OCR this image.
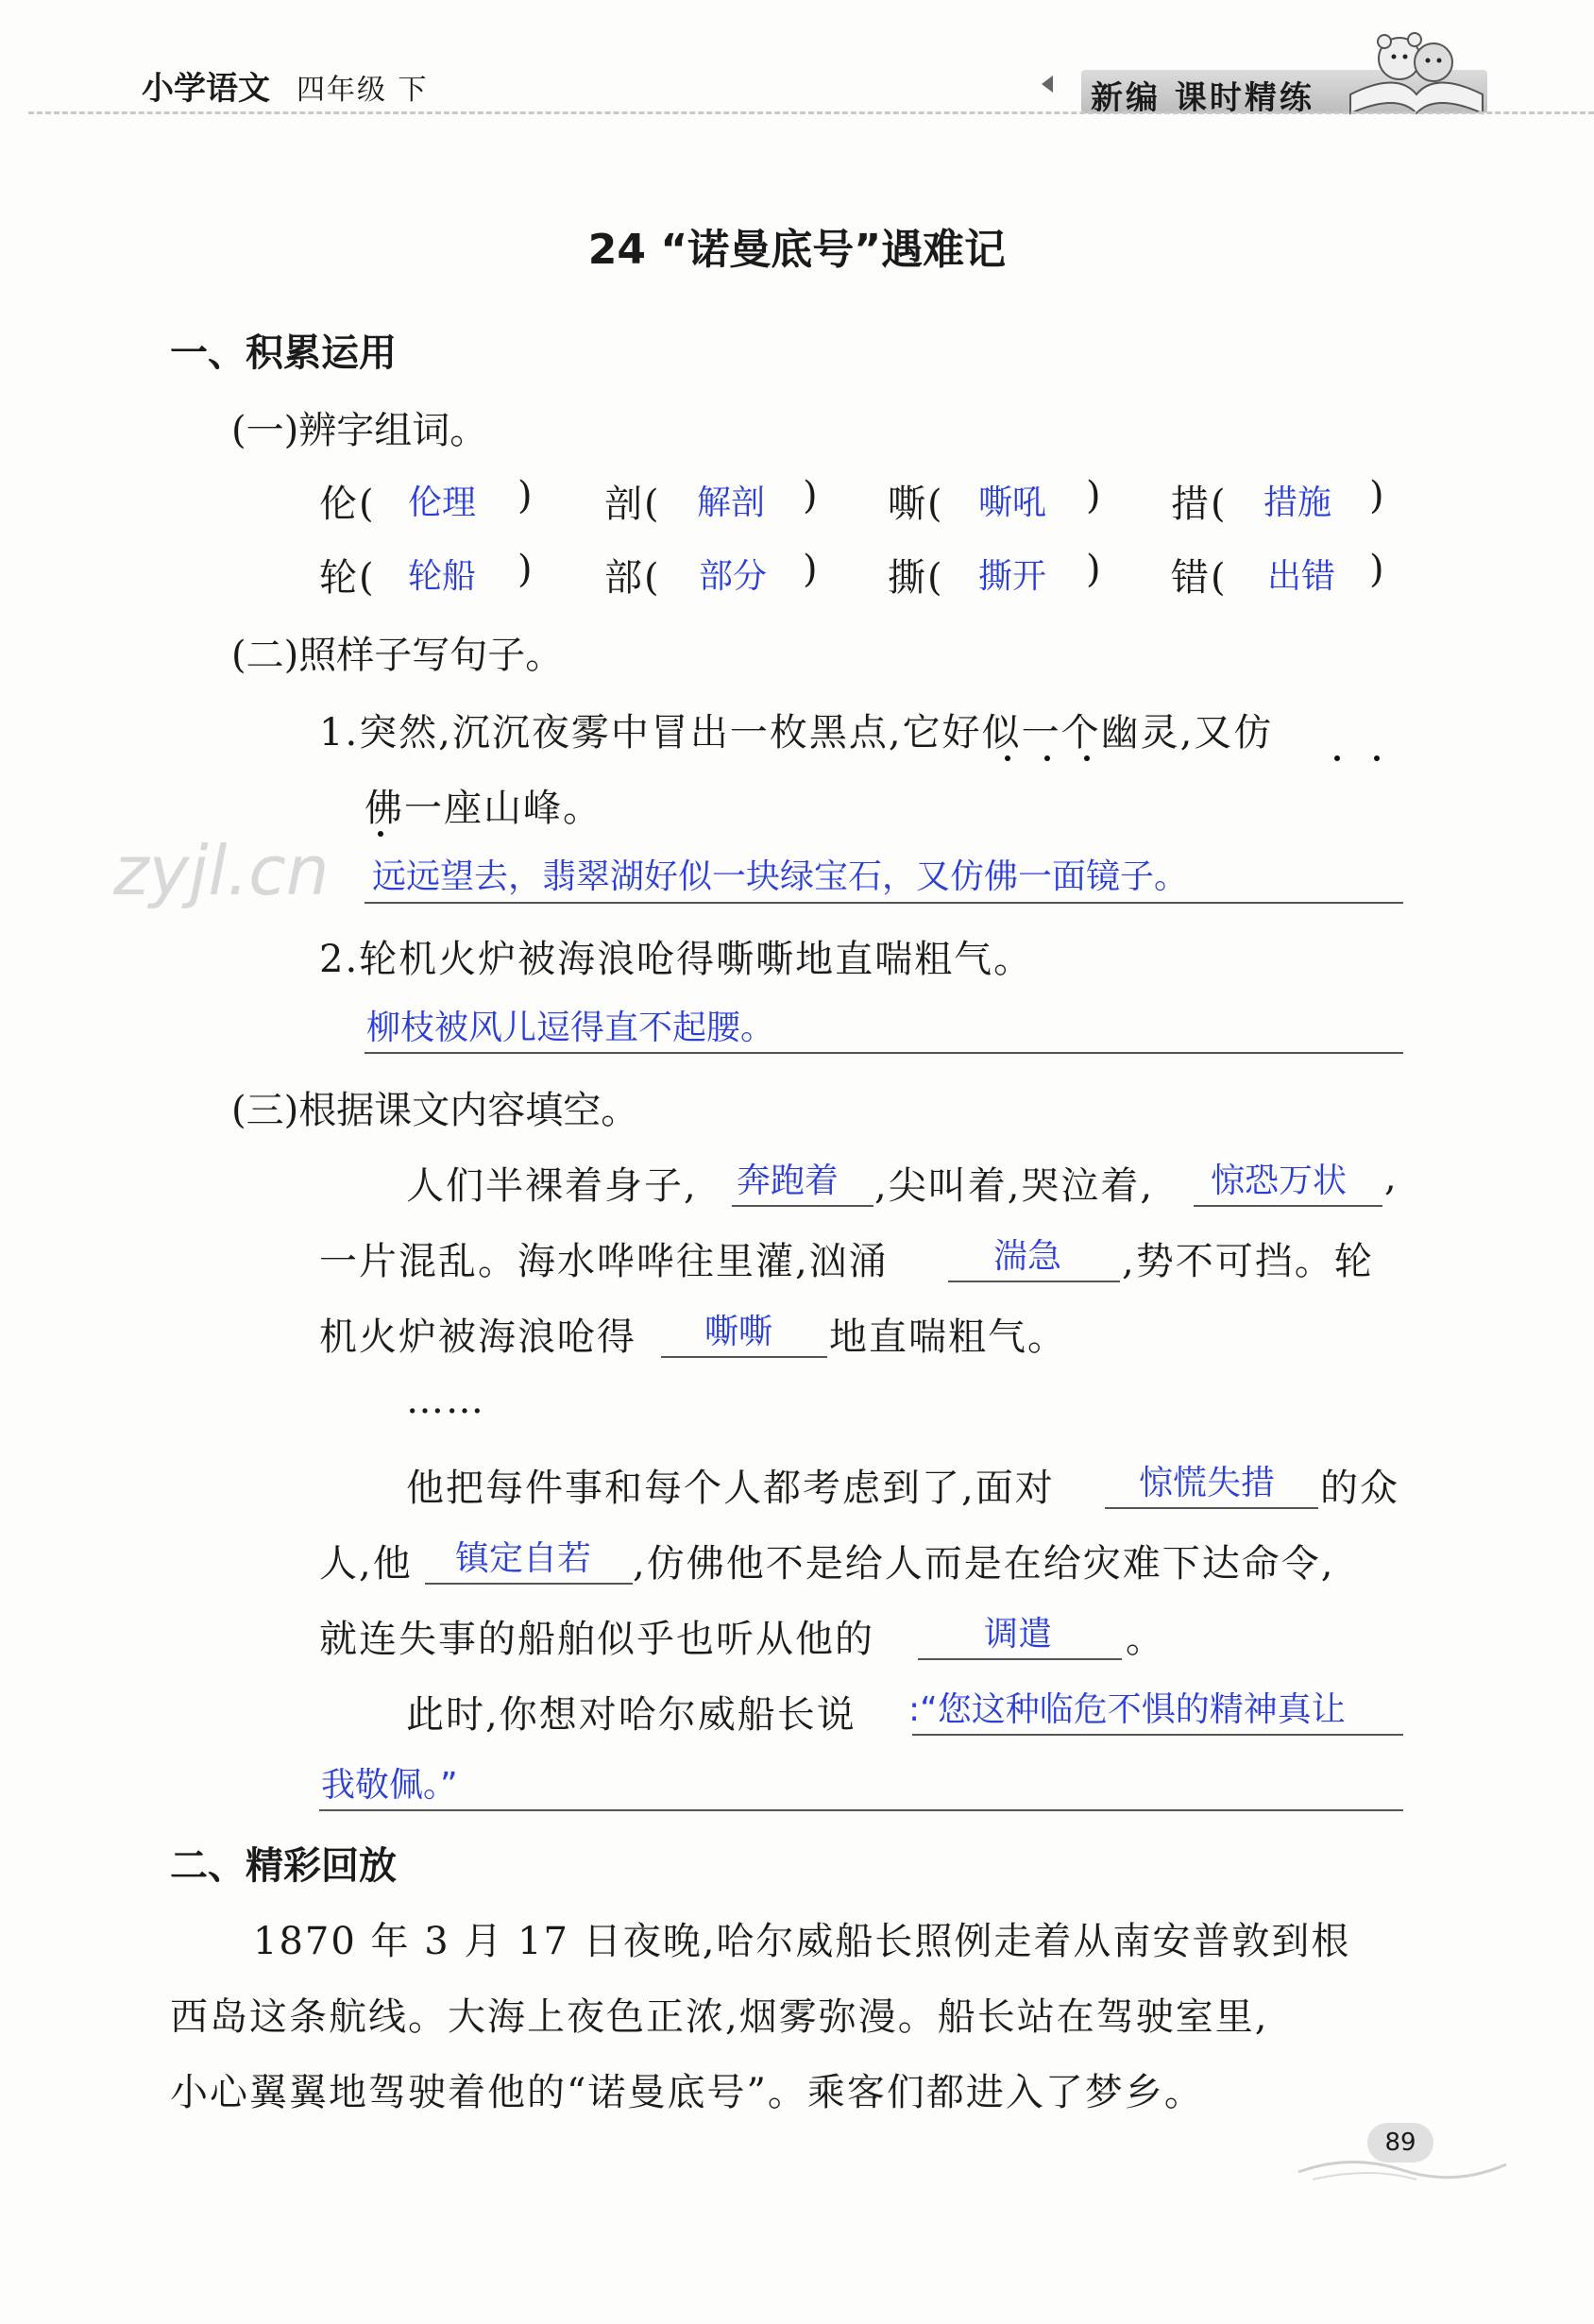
小学语文 四年级 下	新编 课时精练
24 “诺曼底号”遇难记
一、积累运用
(一)辨字组词。
伦( 伦理 ) 剖( 解剖 ) 嘶( 嘶吼 ) 措( 措施 )
轮( 轮船 ) 部( 部分 ) 撕( 撕开 ) 错( 出错 )
(二)照样子写句子。
1.突然,沉沉夜雾中冒出一枚黑点,它好似一个幽灵,又仿
佛一座山峰。
zyjl.cn 远远望去，翡翠湖好似一块绿宝石，又仿佛一面镜子。
2.轮机火炉被海浪呛得嘶嘶地直喘粗气。
柳枝被风儿逗得直不起腰。
(三)根据课文内容填空。
人们半裸着身子, 奔跑着 ,尖叫着,哭泣着, 惊恐万状 ,
一片混乱。海水哗哗往里灌,汹涌	湍急 ,势不可挡。轮
机火炉被海浪呛得 嘶嘶 地直喘粗气。
……
他把每件事和每个人都考虑到了,面对 惊慌失措 的众
人,他 镇定自若 ,仿佛他不是给人而是在给灾难下达命令,
就连失事的船舶似乎也听从他的	调遣 。
此时,你想对哈尔威船长说 :“您这种临危不惧的精神真让
我敬佩。”
二、精彩回放
1870 年 3 月 17 日夜晚,哈尔威船长照例走着从南安普敦到根
西岛这条航线。大海上夜色正浓,烟雾弥漫。船长站在驾驶室里,
小心翼翼地驾驶着他的“诺曼底号”。乘客们都进入了梦乡。
89
